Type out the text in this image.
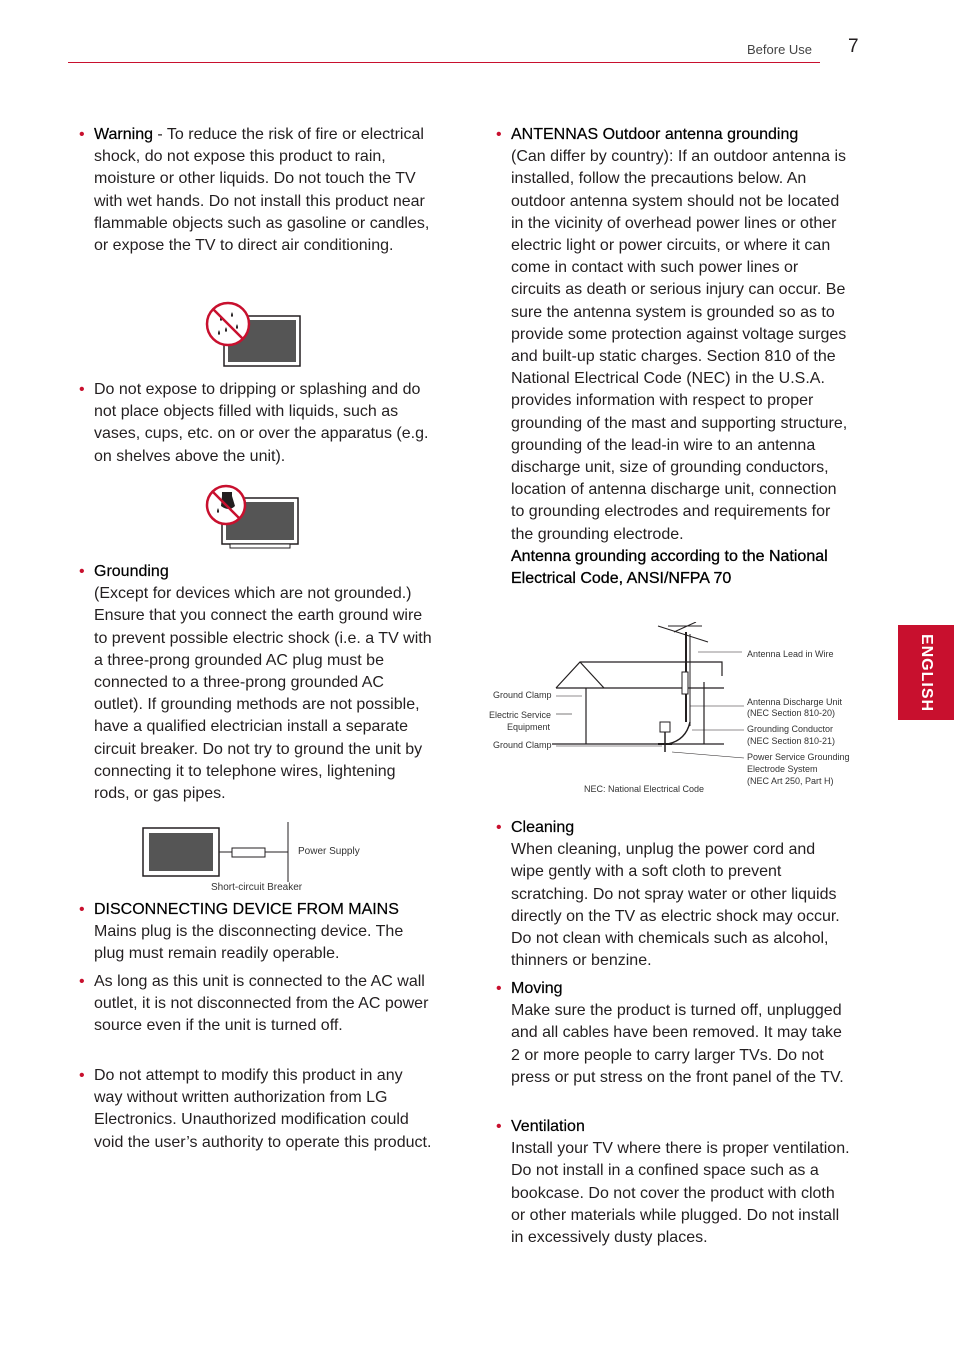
Before Use 7
ENGLISH
• Warning - To reduce the risk of fire or electrical shock, do not expose this product to rain, moisture or other liquids. Do not touch the TV with wet hands. Do not install this product near flammable objects such as gasoline or candles, or expose the TV to direct air conditioning.

• Do not expose to dripping or splashing and do not place objects filled with liquids, such as vases, cups, etc. on or over the apparatus (e.g. on shelves above the unit).

• Grounding

(Except for devices which are not grounded.) Ensure that you connect the earth ground wire to prevent possible electric shock (i.e. a TV with a three-prong grounded AC plug must be connected to a three-prong grounded AC outlet). If grounding methods are not possible, have a qualified electrician install a separate circuit breaker. Do not try to ground the unit by connecting it to telephone wires, lightening rods, or gas pipes.

Power Supply
Short-circuit Breaker
• DISCONNECTING DEVICE FROM MAINS

Mains plug is the disconnecting device. The plug must remain readily operable.

• As long as this unit is connected to the AC wall outlet, it is not disconnected from the AC power source even if the unit is turned off.

• Do not attempt to modify this product in any way without written authorization from LG Electronics. Unauthorized modification could void the user’s authority to operate this product.

• ANTENNAS Outdoor antenna grounding

(Can differ by country): If an outdoor antenna is installed, follow the precautions below. An outdoor antenna system should not be located in the vicinity of overhead power lines or other electric light or power circuits, or where it can come in contact with such power lines or circuits as death or serious injury can occur. Be sure the antenna system is grounded so as to provide some protection against voltage surges and built-up static charges. Section 810 of the National Electrical Code (NEC) in the U.S.A. provides information with respect to proper grounding of the mast and supporting structure, grounding of the lead-in wire to an antenna discharge unit, size of grounding conductors, location of antenna discharge unit, connection to grounding electrodes and requirements for the grounding electrode.

Antenna grounding according to the National Electrical Code, ANSI/NFPA 70

Antenna Lead in Wire
Ground Clamp
Electric Service
Equipment
Ground Clamp
Antenna Discharge Unit
(NEC Section 810-20)
Grounding Conductor
(NEC Section 810-21)
Power Service Grounding
Electrode System
(NEC Art 250, Part H)
NEC: National Electrical Code
• Cleaning

When cleaning, unplug the power cord and wipe gently with a soft cloth to prevent scratching. Do not spray water or other liquids directly on the TV as electric shock may occur. Do not clean with chemicals such as alcohol, thinners or benzine.

• Moving

Make sure the product is turned off, unplugged and all cables have been removed. It may take 2 or more people to carry larger TVs. Do not press or put stress on the front panel of the TV.

• Ventilation

Install your TV where there is proper ventilation. Do not install in a confined space such as a bookcase. Do not cover the product with cloth or other materials while plugged. Do not install in excessively dusty places.
